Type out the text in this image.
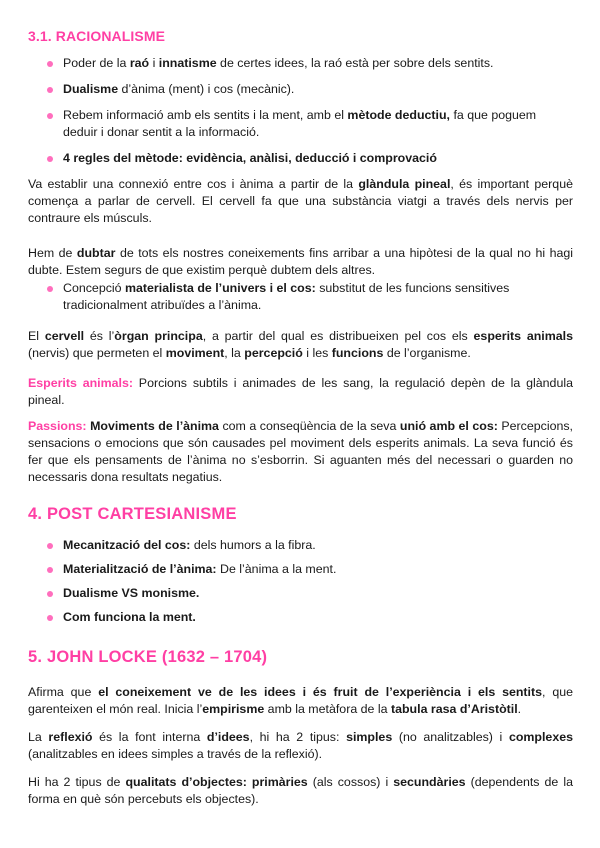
3.1. RACIONALISME
Poder de la raó i innatisme de certes idees, la raó està per sobre dels sentits.
Dualisme d’ànima (ment) i cos (mecànic).
Rebem informació amb els sentits i la ment, amb el mètode deductiu, fa que poguem deduir i donar sentit a la informació.
4 regles del mètode: evidència, anàlisi, deducció i comprovació

Va establir una connexió entre cos i ànima a partir de la glàndula pineal, és important perquè comença a parlar de cervell. El cervell fa que una substància viatgi a través dels nervis per contraure els músculs.

Hem de dubtar de tots els nostres coneixements fins arribar a una hipòtesi de la qual no hi hagi dubte. Estem segurs de que existim perquè dubtem dels altres.

Concepció materialista de l’univers i el cos: substitut de les funcions sensitives tradicionalment atribuïdes a l’ànima.

El cervell és l’òrgan principa, a partir del qual es distribueixen pel cos els esperits animals (nervis) que permeten el moviment, la percepció i les funcions de l’organisme.

Esperits animals: Porcions subtils i animades de les sang, la regulació depèn de la glàndula pineal.

Passions: Moviments de l’ànima com a conseqüència de la seva unió amb el cos: Percepcions, sensacions o emocions que són causades pel moviment dels esperits animals. La seva funció és fer que els pensaments de l’ànima no s’esborrin. Si aguanten més del necessari o guarden no necessaris dona resultats negatius.

4. POST CARTESIANISME
Mecanització del cos: dels humors a la fibra.
Materialització de l’ànima: De l’ànima a la ment.
Dualisme VS monisme.
Com funciona la ment.
5. JOHN LOCKE (1632 – 1704)

Afirma que el coneixement ve de les idees i és fruit de l’experiència i els sentits, que garenteixen el món real. Inicia l’empirisme amb la metàfora de la tabula rasa d’Aristòtil.

La reflexió és la font interna d’idees, hi ha 2 tipus: simples (no analitzables) i complexes (analitzables en idees simples a través de la reflexió).

Hi ha 2 tipus de qualitats d’objectes: primàries (als cossos) i secundàries (dependents de la forma en què són percebuts els objectes).
